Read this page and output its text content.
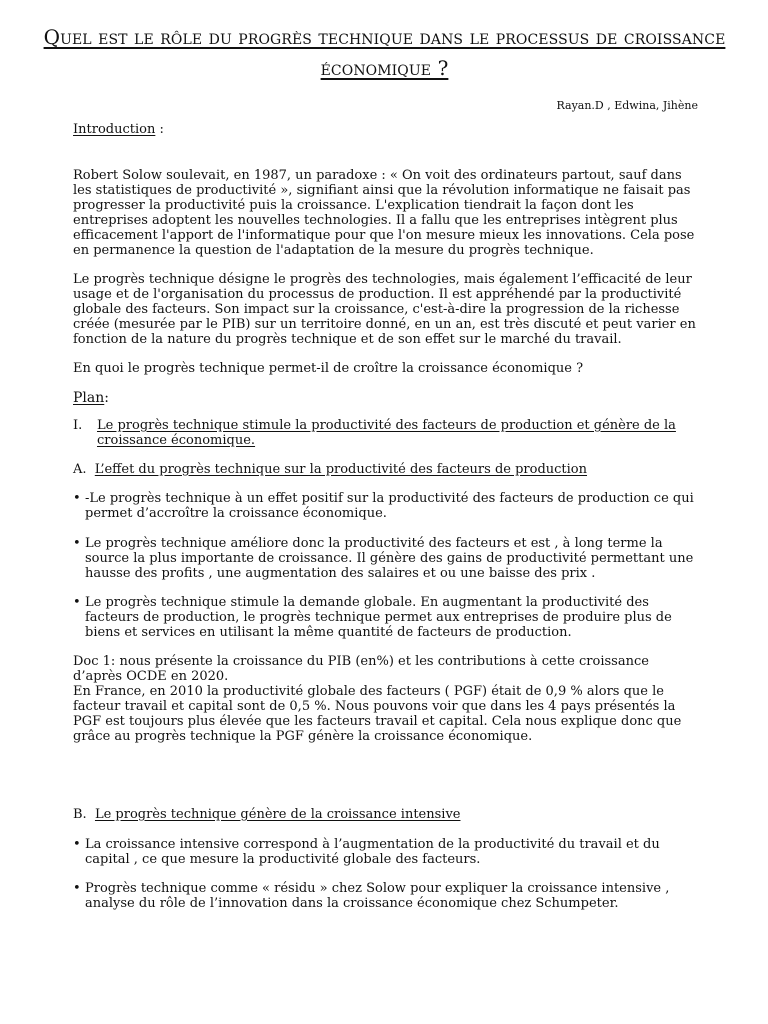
Quel est le rôle du progrès technique dans le processus de croissance économique ?
Rayan.D , Edwina, Jihène
Introduction :

Robert Solow soulevait, en 1987, un paradoxe : « On voit des ordinateurs partout, sauf dans les statistiques de productivité », signifiant ainsi que la révolution informatique ne faisait pas progresser la productivité puis la croissance. L'explication tiendrait la façon dont les entreprises adoptent les nouvelles technologies. Il a fallu que les entreprises intègrent plus efficacement l'apport de l'informatique pour que l'on mesure mieux les innovations. Cela pose en permanence la question de l'adaptation de la mesure du progrès technique.

Le progrès technique désigne le progrès des technologies, mais également l’efficacité de leur usage et de l'organisation du processus de production. Il est appréhendé par la productivité globale des facteurs. Son impact sur la croissance, c'est-à-dire la progression de la richesse créée (mesurée par le PIB) sur un territoire donné, en un an, est très discuté et peut varier en fonction de la nature du progrès technique et de son effet sur le marché du travail.

En quoi le progrès technique permet-il de croître la croissance économique ?

Plan:
I.	Le progrès technique stimule la productivité des facteurs de production et génère de la croissance économique.
A. L’effet du progrès technique sur la productivité des facteurs de production
• -Le progrès technique à un effet positif sur la productivité des facteurs de production ce qui permet d’accroître la croissance économique.
• Le progrès technique améliore donc la productivité des facteurs et est , à long terme la source la plus importante de croissance. Il génère des gains de productivité permettant une hausse des profits , une augmentation des salaires et ou une baisse des prix .
• Le progrès technique stimule la demande globale. En augmentant la productivité des facteurs de production, le progrès technique permet aux entreprises de produire plus de biens et services en utilisant la même quantité de facteurs de production.

Doc 1: nous présente la croissance du PIB (en%) et les contributions à cette croissance d’après OCDE en 2020.

En France, en 2010 la productivité globale des facteurs ( PGF) était de 0,9 % alors que le facteur travail et capital sont de 0,5 %. Nous pouvons voir que dans les 4 pays présentés la PGF est toujours plus élevée que les facteurs travail et capital. Cela nous explique donc que grâce au progrès technique la PGF génère la croissance économique.

B. Le progrès technique génère de la croissance intensive
• La croissance intensive correspond à l’augmentation de la productivité du travail et du capital , ce que mesure la productivité globale des facteurs.
• Progrès technique comme « résidu » chez Solow pour expliquer la croissance intensive , analyse du rôle de l’innovation dans la croissance économique chez Schumpeter.
